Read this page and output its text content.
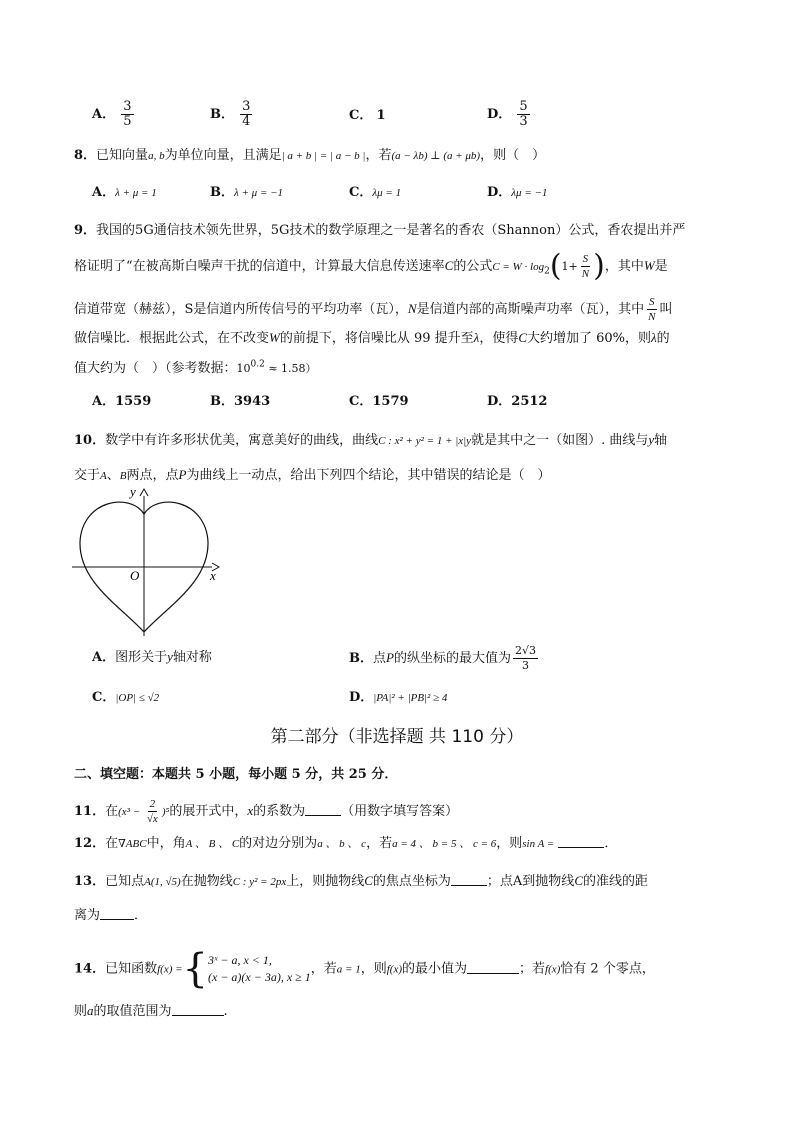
A． $\frac{3}{5}$	B． $\frac{3}{4}$	C． 1	D． $\frac{5}{3}$
8．已知向量a, b为单位向量，且满足| a + b | = | a − b |，若(a − λb) ⊥ (a + μb)，则（　）
A．λ + μ = 1	B．λ + μ = −1	C．λμ = 1	D．λμ = −1
9．我国的5G通信技术领先世界，5G技术的数学原理之一是著名的香农（Shannon）公式，香农提出并严
格证明了“在被高斯白噪声干扰的信道中，计算最大信息传送速率C的公式$C = W \cdot \log_2(1+ \frac{S}{N}$ )，其中W是
信道带宽（赫兹），S是信道内所传信号的平均功率（瓦），N是信道内部的高斯噪声功率（瓦），其中 $\frac{S}{N}$ 叫
做信噪比．根据此公式，在不改变W的前提下，将信噪比从 99 提升至λ，使得C大约增加了 60%，则λ的
值大约为（　）（参考数据：$10^{0.2} \approx 1.58$）
A．1559	B．3943	C．1579	D．2512
10．数学中有许多形状优美，寓意美好的曲线，曲线C : x² + y² = 1 + |x|y就是其中之一（如图）. 曲线与y轴
交于A、B两点，点P为曲线上一动点，给出下列四个结论，其中错误的结论是（　）
y
x
O
A．图形关于y轴对称	B．点P的纵坐标的最大值为 $\frac{2√3}{3}$
C．|OP| ≤ √2	D．|PA|² + |PB|² ≥ 4
第二部分（非选择题 共 110 分）
二、填空题：本题共 5 小题，每小题 5 分，共 25 分．
11．在$(x^3 - \frac{2}{√x} )^5$的展开式中，x的系数为	（用数字填写答案）
12．在∇ABC中，角A 、 B 、 C的对边分别为a 、 b 、 c，若a = 4 、 b = 5 、 c = 6，则sin A =	．
13．已知点A(1, √5)在抛物线C : y² = 2px上，则抛物线C的焦点坐标为	；点A到抛物线C的准线的距
离为	．
14．已知函数f(x) = { 3ˣ − a, x < 1,
(x − a)(x − 3a), x ≥ 1
，若a = 1，则f(x)的最小值为	；若f(x)恰有 2 个零点，
则a的取值范围为	.
